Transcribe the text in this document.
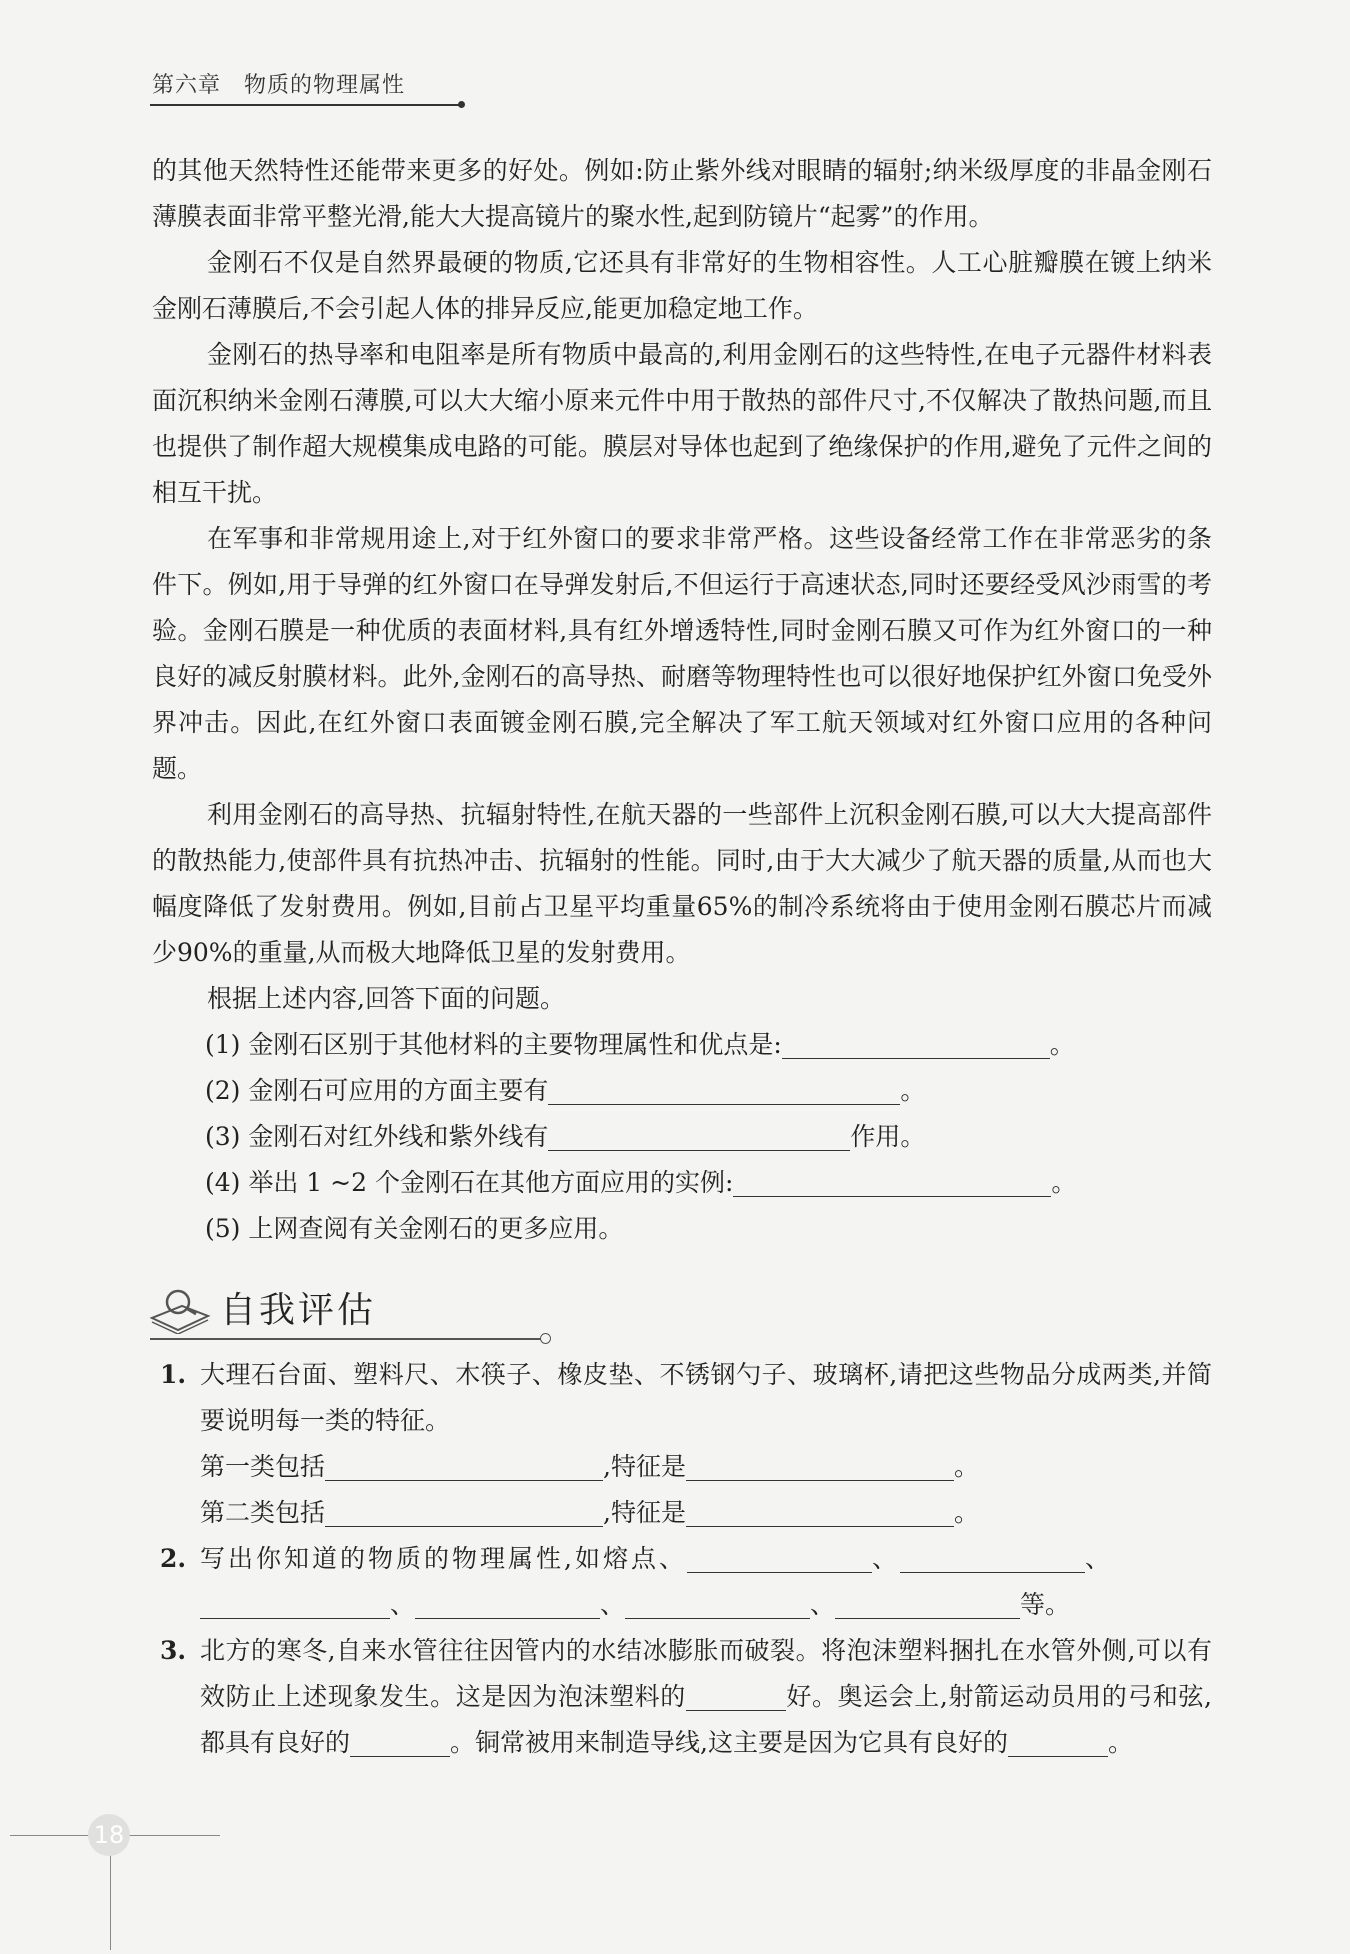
第六章　物质的物理属性

的其他天然特性还能带来更多的好处。例如:防止紫外线对眼睛的辐射;纳米级厚度的非晶金刚石薄膜表面非常平整光滑,能大大提高镜片的聚水性,起到防镜片“起雾”的作用。

金刚石不仅是自然界最硬的物质,它还具有非常好的生物相容性。人工心脏瓣膜在镀上纳米金刚石薄膜后,不会引起人体的排异反应,能更加稳定地工作。

金刚石的热导率和电阻率是所有物质中最高的,利用金刚石的这些特性,在电子元器件材料表面沉积纳米金刚石薄膜,可以大大缩小原来元件中用于散热的部件尺寸,不仅解决了散热问题,而且也提供了制作超大规模集成电路的可能。膜层对导体也起到了绝缘保护的作用,避免了元件之间的相互干扰。

在军事和非常规用途上,对于红外窗口的要求非常严格。这些设备经常工作在非常恶劣的条件下。例如,用于导弹的红外窗口在导弹发射后,不但运行于高速状态,同时还要经受风沙雨雪的考验。金刚石膜是一种优质的表面材料,具有红外增透特性,同时金刚石膜又可作为红外窗口的一种良好的减反射膜材料。此外,金刚石的高导热、耐磨等物理特性也可以很好地保护红外窗口免受外界冲击。因此,在红外窗口表面镀金刚石膜,完全解决了军工航天领域对红外窗口应用的各种问题。

利用金刚石的高导热、抗辐射特性,在航天器的一些部件上沉积金刚石膜,可以大大提高部件的散热能力,使部件具有抗热冲击、抗辐射的性能。同时,由于大大减少了航天器的质量,从而也大幅度降低了发射费用。例如,目前占卫星平均重量65%的制冷系统将由于使用金刚石膜芯片而减少90%的重量,从而极大地降低卫星的发射费用。

根据上述内容,回答下面的问题。

(1) 金刚石区别于其他材料的主要物理属性和优点是:	。

(2) 金刚石可应用的方面主要有	。

(3) 金刚石对红外线和紫外线有	作用。

(4) 举出 1 ~2 个金刚石在其他方面应用的实例:	。

(5) 上网查阅有关金刚石的更多应用。

自我评估
1. 大理石台面、塑料尺、木筷子、橡皮垫、不锈钢勺子、玻璃杯,请把这些物品分成两类,并简要说明每一类的特征。

第一类包括	,特征是	。

第二类包括	,特征是	。

2. 写出你知道的物质的物理属性,如熔点、	、	、

、	、	、	等。

3. 北方的寒冬,自来水管往往因管内的水结冰膨胀而破裂。将泡沫塑料捆扎在水管外侧,可以有效防止上述现象发生。这是因为泡沫塑料的	好。奥运会上,射箭运动员用的弓和弦,都具有良好的	。铜常被用来制造导线,这主要是因为它具有良好的	。

18
